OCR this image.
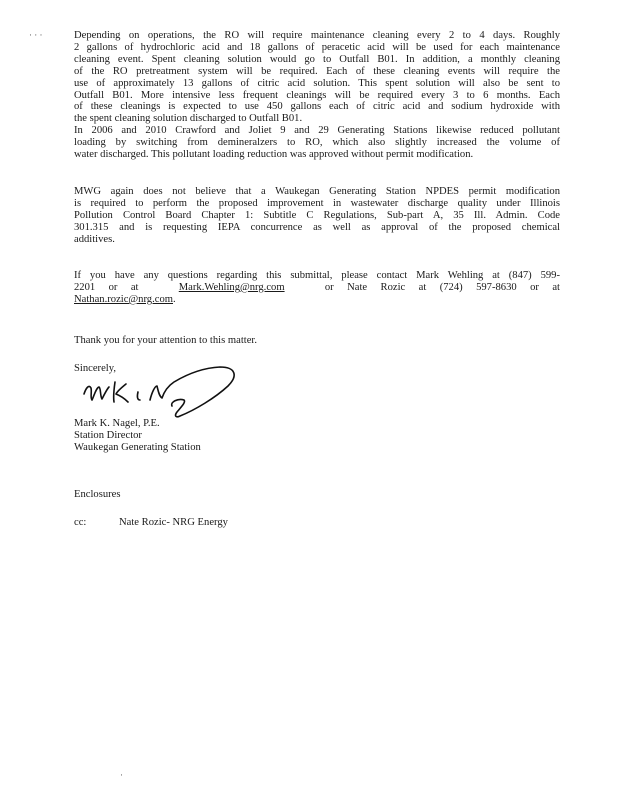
· · ·	Depending on operations, the RO will require maintenance cleaning every 2 to 4 days. Roughly
2 gallons of hydrochloric acid and 18 gallons of peracetic acid will be used for each maintenance
cleaning event. Spent cleaning solution would go to Outfall B01. In addition, a monthly cleaning
of the RO pretreatment system will be required. Each of these cleaning events will require the
use of approximately 13 gallons of citric acid solution. This spent solution will also be sent to
Outfall B01. More intensive less frequent cleanings will be required every 3 to 6 months. Each
of these cleanings is expected to use 450 gallons each of citric acid and sodium hydroxide with
the spent cleaning solution discharged to Outfall B01.
In 2006 and 2010 Crawford and Joliet 9 and 29 Generating Stations likewise reduced pollutant
loading by switching from demineralzers to RO, which also slightly increased the volume of
water discharged. This pollutant loading reduction was approved without permit modification.
MWG again does not believe that a Waukegan Generating Station NPDES permit modification
is required to perform the proposed improvement in wastewater discharge quality under Illinois
Pollution Control Board Chapter 1: Subtitle C Regulations, Sub-part A, 35 Ill. Admin. Code
301.315 and is requesting IEPA concurrence as well as approval of the proposed chemical
additives.
If you have any questions regarding this submittal, please contact Mark Wehling at (847) 599-
2201 or at	Mark.Wehling@nrg.com	or Nate Rozic at (724) 597-8630 or at
Nathan.rozic@nrg.com.

Thank you for your attention to this matter.

Sincerely,

Mark K. Nagel, P.E.
Station Director
Waukegan Generating Station

Enclosures

cc:	Nate Rozic- NRG Energy
·
